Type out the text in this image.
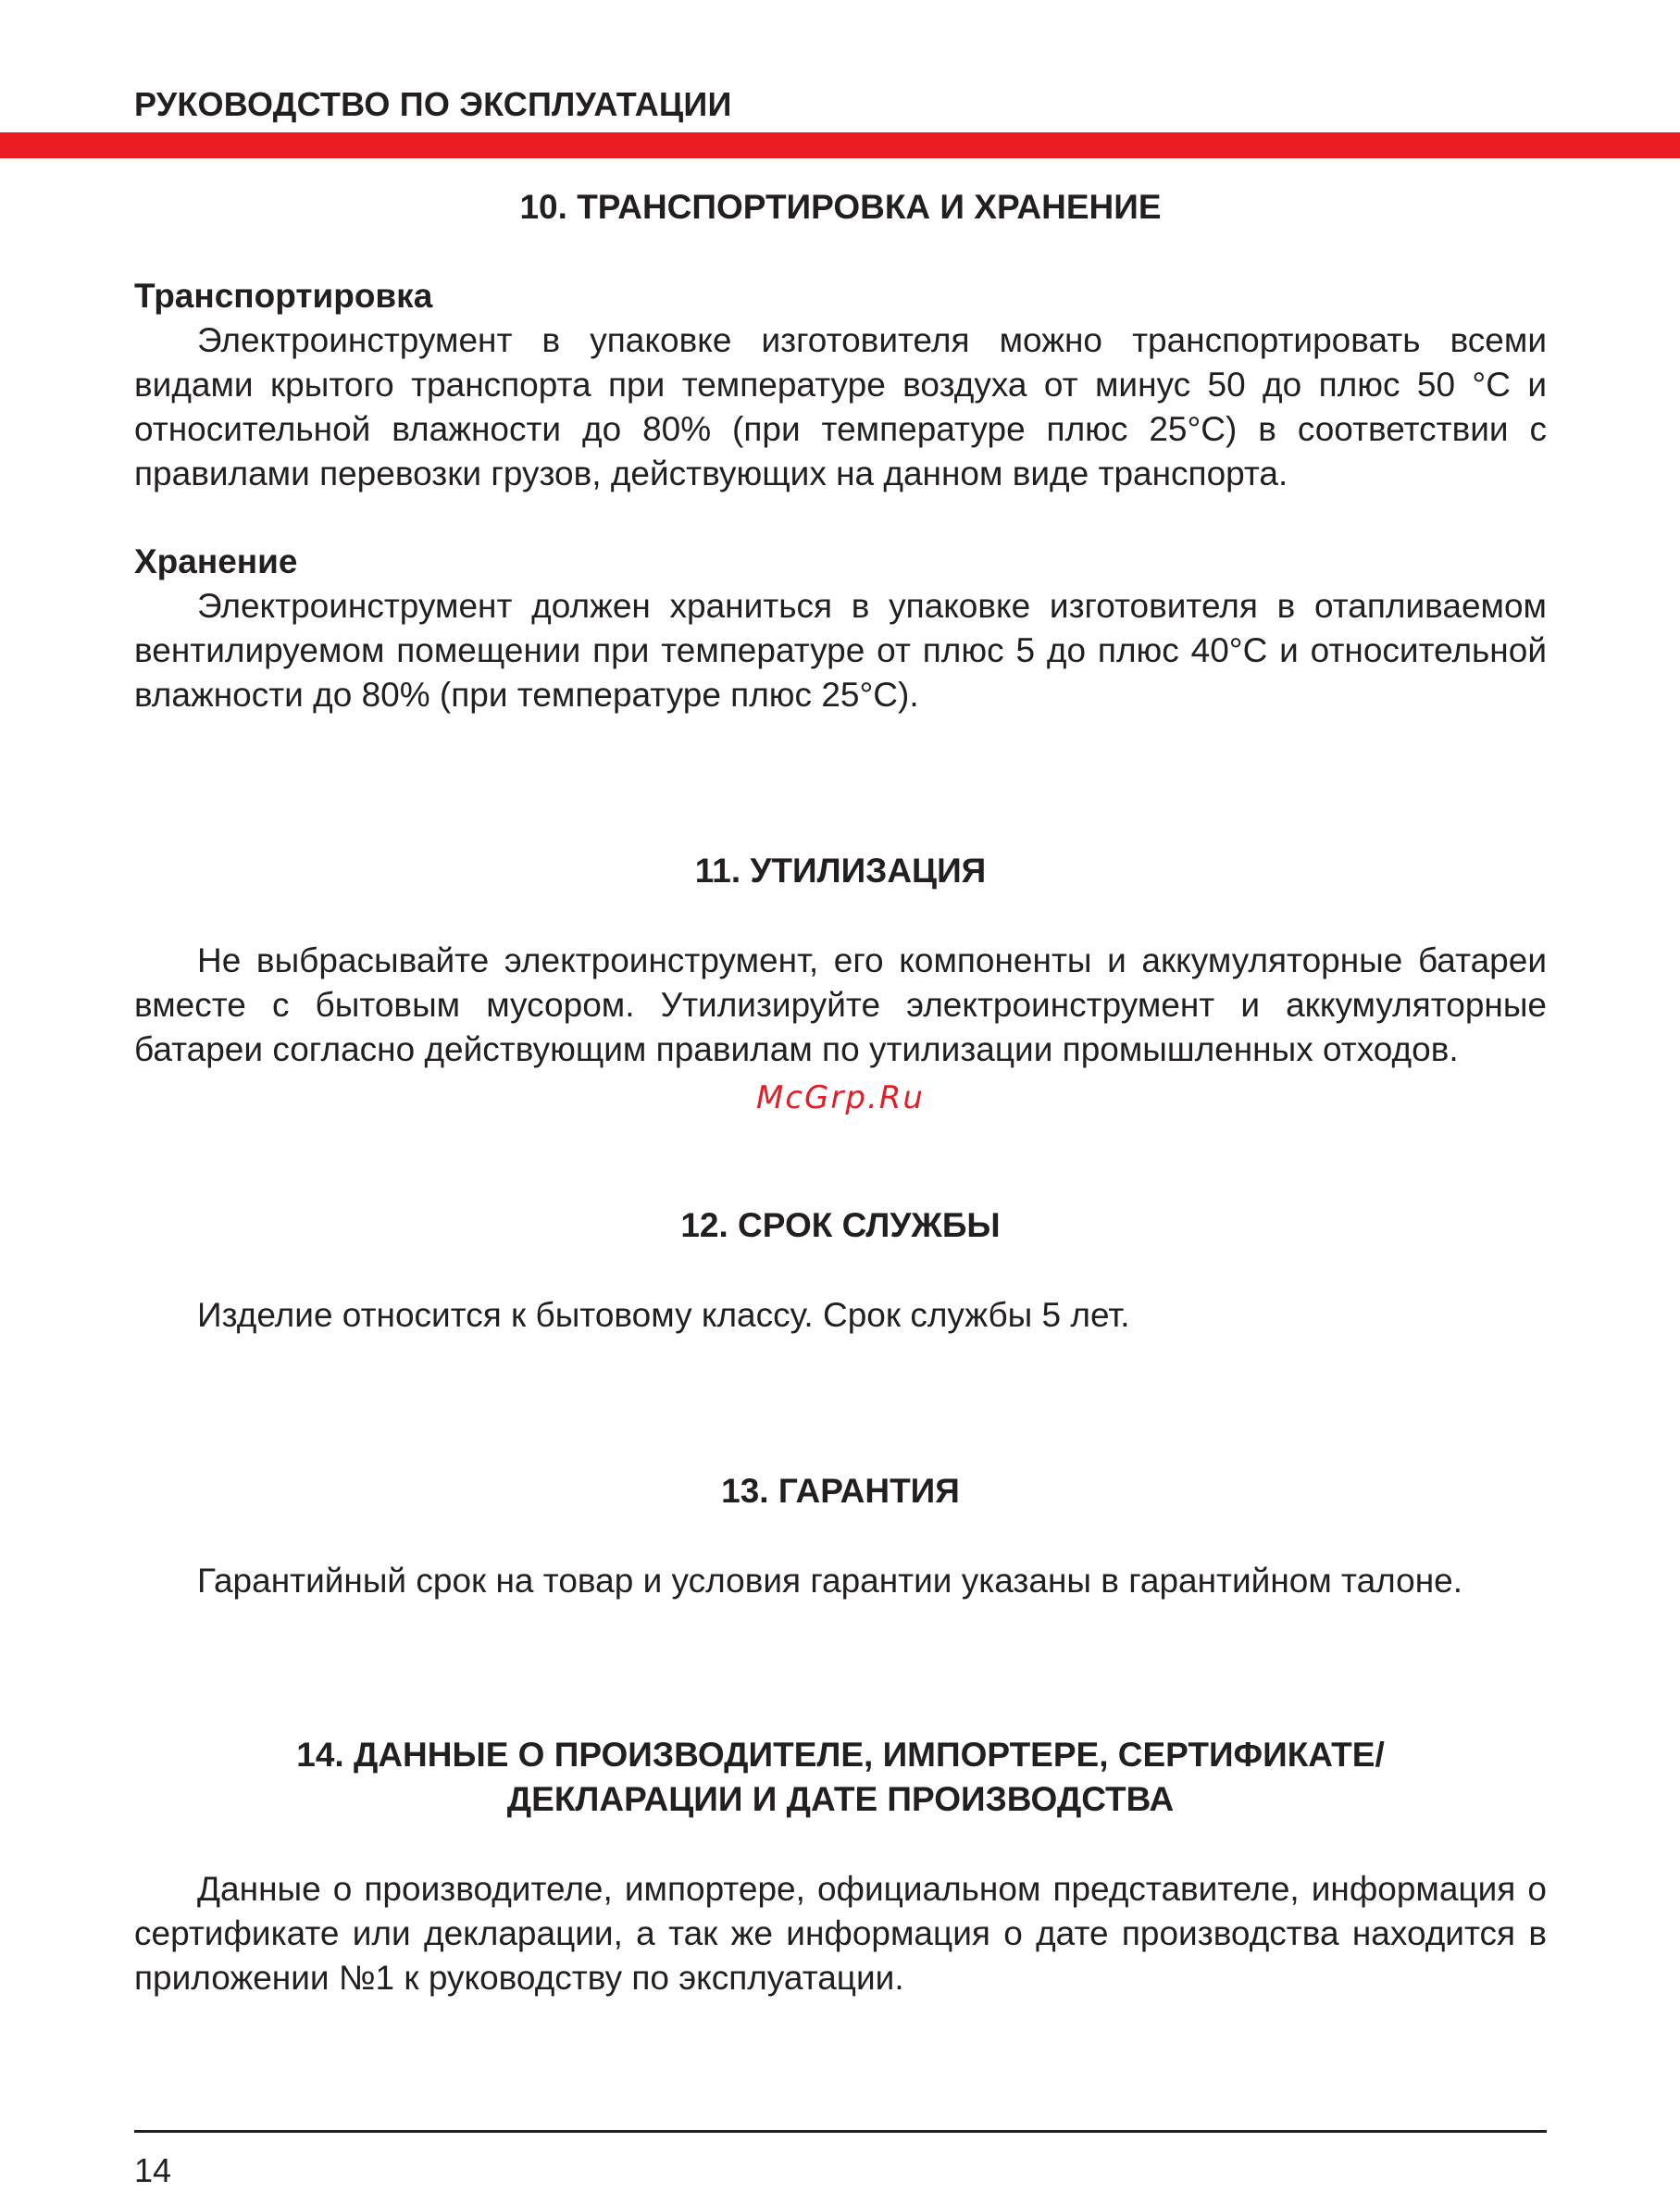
РУКОВОДСТВО ПО ЭКСПЛУАТАЦИИ
10. ТРАНСПОРТИРОВКА И ХРАНЕНИЕ
Транспортировка
Электроинструмент в упаковке изготовителя можно транспортировать всеми видами крытого транспорта при температуре воздуха от минус 50 до плюс 50 °С и относительной влажности до 80% (при температуре плюс 25°С) в соответствии с правилами перевозки грузов, действующих на данном виде транспорта.
Хранение
Электроинструмент должен храниться в упаковке изготовителя в отапливаемом вентилируемом помещении при температуре от плюс 5 до плюс 40°С и относительной влажности до 80% (при температуре плюс 25°С).
11. УТИЛИЗАЦИЯ
Не выбрасывайте электроинструмент, его компоненты и аккумуляторные батареи вместе с бытовым мусором. Утилизируйте электроинструмент и аккумуляторные батареи согласно действующим правилам по утилизации промышленных отходов.
McGrp.Ru
12. СРОК СЛУЖБЫ
Изделие относится к бытовому классу. Срок службы 5 лет.
13. ГАРАНТИЯ
Гарантийный срок на товар и условия гарантии указаны в гарантийном талоне.
14. ДАННЫЕ О ПРОИЗВОДИТЕЛЕ, ИМПОРТЕРЕ, СЕРТИФИКАТЕ/
ДЕКЛАРАЦИИ И ДАТЕ ПРОИЗВОДСТВА
Данные о производителе, импортере, официальном представителе, информация о сертификате или декларации, а так же информация о дате производства находится в приложении №1 к руководству по эксплуатации.
14
